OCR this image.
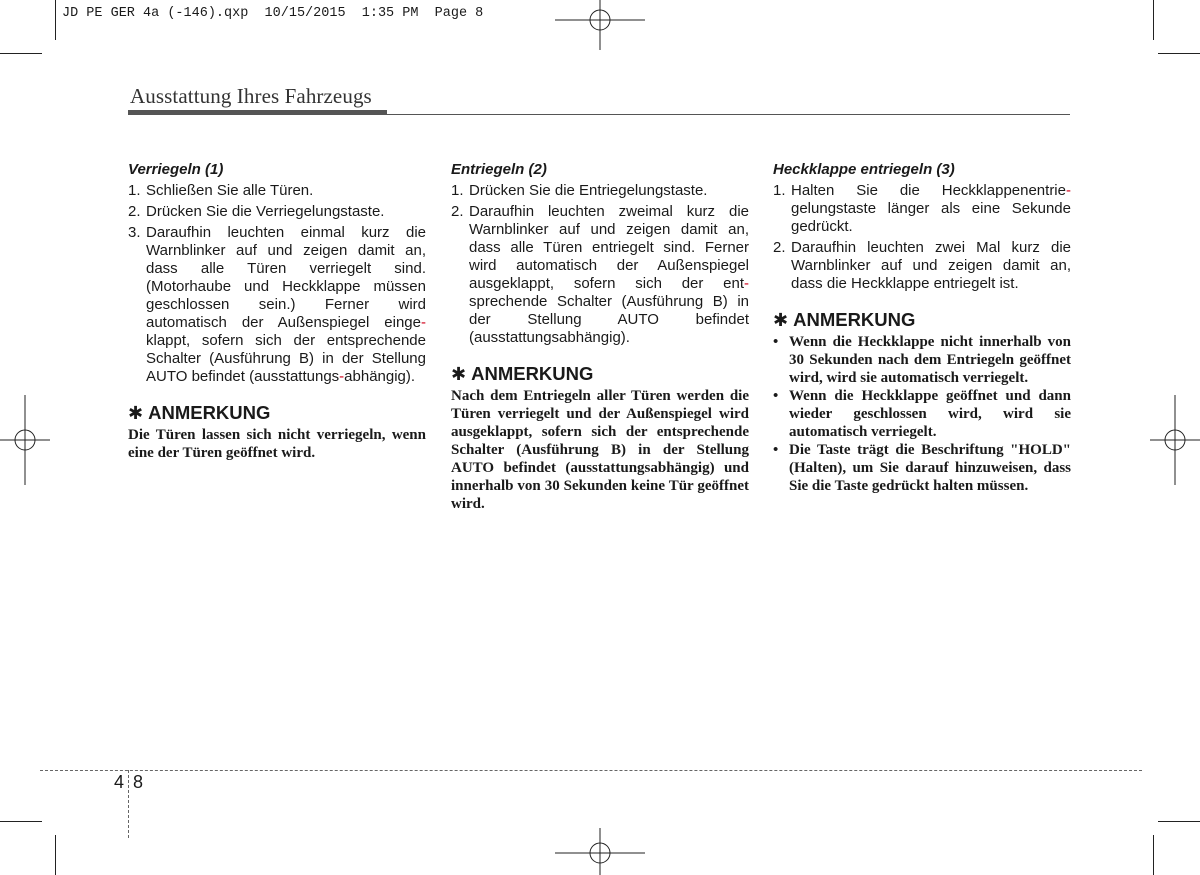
JD PE GER 4a (-146).qxp  10/15/2015  1:35 PM  Page 8
Ausstattung Ihres Fahrzeugs
Verriegeln (1)
1. Schließen Sie alle Türen.
2. Drücken Sie die Verriegelungstaste.
3. Daraufhin leuchten einmal kurz die Warnblinker auf und zeigen damit an, dass alle Türen verriegelt sind. (Motorhaube und Heckklappe müssen geschlossen sein.) Ferner wird automatisch der Außenspiegel einge-klappt, sofern sich der entsprechende Schalter (Ausführung B) in der Stellung AUTO befindet (ausstattungs-abhängig).
✱ ANMERKUNG

Die Türen lassen sich nicht verriegeln, wenn eine der Türen geöffnet wird.

Entriegeln (2)
1. Drücken Sie die Entriegelungstaste.
2. Daraufhin leuchten zweimal kurz die Warnblinker auf und zeigen damit an, dass alle Türen entriegelt sind. Ferner wird automatisch der Außenspiegel ausgeklappt, sofern sich der ent-sprechende Schalter (Ausführung B) in der Stellung AUTO befindet (ausstattungsabhängig).
✱ ANMERKUNG

Nach dem Entriegeln aller Türen werden die Türen verriegelt und der Außenspiegel wird ausgeklappt, sofern sich der entsprechende Schalter (Ausführung B) in der Stellung AUTO befindet (ausstattungsabhängig) und innerhalb von 30 Sekunden keine Tür geöffnet wird.

Heckklappe entriegeln (3)
1. Halten Sie die Heckklappenentrie-gelungstaste länger als eine Sekunde gedrückt.
2. Daraufhin leuchten zwei Mal kurz die Warnblinker auf und zeigen damit an, dass die Heckklappe entriegelt ist.
✱ ANMERKUNG
• Wenn die Heckklappe nicht innerhalb von 30 Sekunden nach dem Entriegeln geöffnet wird, wird sie automatisch verriegelt.
• Wenn die Heckklappe geöffnet und dann wieder geschlossen wird, wird sie automatisch verriegelt.
• Die Taste trägt die Beschriftung "HOLD" (Halten), um Sie darauf hinzuweisen, dass Sie die Taste gedrückt halten müssen.
4 8
